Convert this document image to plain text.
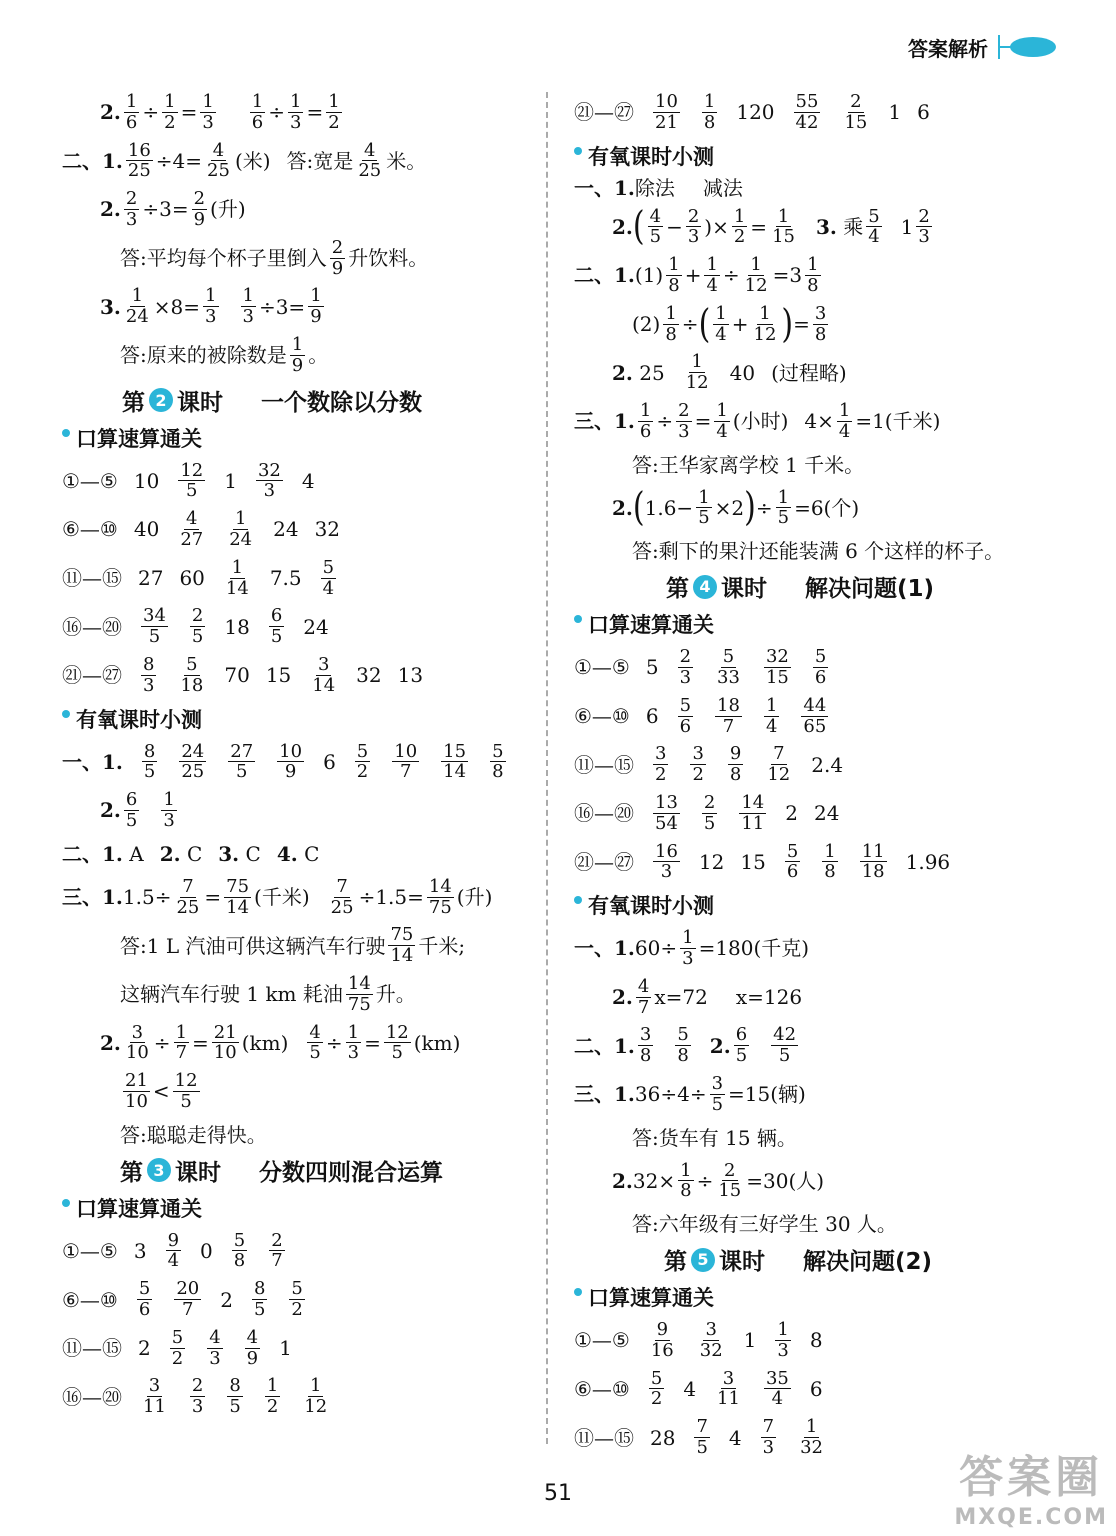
答案解析
2. $\frac{1}{6} \div \frac{1}{2} = \frac{1}{3} \frac{1}{6} \div \frac{1}{3} = \frac{1}{2}$
二、1. $\frac{16}{25} \div 4= \frac{4}{25}$ (米) 答:宽是 $\frac{4}{25}$ 米。
2. $\frac{2}{3} \div 3= \frac{2}{9}$ (升)
答:平均每个杯子里倒入 $\frac{2}{9}$ 升饮料。
3. $\frac{1}{24} \times 8= \frac{1}{3} \frac{1}{3} \div 3= \frac{1}{9}$
答:原来的被除数是 $\frac{1}{9}$ 。
第 2 课时 一个数除以分数
口算速算通关
①—⑤ $10 \frac{12}{5} 1 \frac{32}{3} 4$
⑥—⑩ $40 \frac{4}{27} \frac{1}{24} 24$ 32
⑪—⑮ 27 $60 \frac{1}{14} 7.5 \frac{5}{4}$
⑯—⑳ $\frac{34}{5} \frac{2}{5} 18 \frac{6}{5} 24$
㉑—㉗ $\frac{8}{3} \frac{5}{18} 70$ $15 \frac{3}{14} 32$ 13
有氧课时小测
一、1. $\frac{8}{5} \frac{24}{25} \frac{27}{5} \frac{10}{9} 6 \frac{5}{2} \frac{10}{7} \frac{15}{14} \frac{5}{8}$
2. $\frac{6}{5} \frac{1}{3}$
二、1.
A 2.
C 3.
C 4.
C
三、1. $1.5\div \frac{7}{25} = \frac{75}{14}$ (千米) $\frac{7}{25} \div 1.5= \frac{14}{75}$ (升)
答:1 L 汽油可供这辆汽车行驶 $\frac{75}{14}$ 千米;
这辆汽车行驶 1 km 耗油 $\frac{14}{75}$ 升。
2. $\frac{3}{10} \div \frac{1}{7} = \frac{21}{10} (km) \frac{4}{5} \div \frac{1}{3} = \frac{12}{5} (km)$
$\frac{21}{10} < \frac{12}{5}$
答:聪聪走得快。
第 3 课时 分数四则混合运算
口算速算通关
①—⑤ $3 \frac{9}{4} 0 \frac{5}{8} \frac{2}{7}$
⑥—⑩ $\frac{5}{6} \frac{20}{7} 2 \frac{8}{5} \frac{5}{2}$
⑪—⑮ $2 \frac{5}{2} \frac{4}{3} \frac{4}{9} 1$
⑯—⑳ $\frac{3}{11} \frac{2}{3} \frac{8}{5} \frac{1}{2} \frac{1}{12}$
㉑—㉗ $\frac{10}{21} \frac{1}{8} 120 \frac{55}{42} \frac{2}{15} 1$ 6
有氧课时小测
一、1. 除法 减法
2. ( $\frac{4}{5} - \frac{2}{3}$ )× $\frac{1}{2} = \frac{1}{15} 3$.
乘 $\frac{5}{4} 1 \frac{2}{3}$
二、1. $(1) \frac{1}{8} + \frac{1}{4} \div \frac{1}{12} =3 \frac{1}{8}$
$(2) \frac{1}{8}$ ÷ ( $\frac{1}{4} + \frac{1}{12}$ ) = $\frac{3}{8}$
2.
$25 \frac{1}{12} 40$ (过程略)
三、1. $\frac{1}{6} \div \frac{2}{3} = \frac{1}{4}$ (小时) $4\times \frac{1}{4} =1$(千米)
答:王华家离学校 1 千米。
2. ( $1.6- \frac{1}{5} \times 2$ ) ÷ $\frac{1}{5} =6$(个)
答:剩下的果汁还能装满 6 个这样的杯子。
第 4 课时 解决问题(1)
口算速算通关
①—⑤ $5 \frac{2}{3} \frac{5}{33} \frac{32}{15} \frac{5}{6}$
⑥—⑩ $6 \frac{5}{6} \frac{18}{7} \frac{1}{4} \frac{44}{65}$
⑪—⑮ $\frac{3}{2} \frac{3}{2} \frac{9}{8} \frac{7}{12} 2.4$
⑯—⑳ $\frac{13}{54} \frac{2}{5} \frac{14}{11} 2$ 24
㉑—㉗ $\frac{16}{3} 12$ $15 \frac{5}{6} \frac{1}{8} \frac{11}{18} 1.96$
有氧课时小测
一、1. $60\div \frac{1}{3} =180$(千克)
2. $\frac{4}{7} x=72$ x=126
二、1. $\frac{3}{8} \frac{5}{8} 2$. $\frac{6}{5} \frac{42}{5}$
三、1. $36\div 4\div \frac{3}{5} =15$(辆)
答:货车有 15 辆。
2. $32\times \frac{1}{8} \div \frac{2}{15} =30$(人)
答:六年级有三好学生 30 人。
第 5 课时 解决问题(2)
口算速算通关
①—⑤ $\frac{9}{16} \frac{3}{32} 1 \frac{1}{3} 8$
⑥—⑩ $\frac{5}{2} 4 \frac{3}{11} \frac{35}{4} 6$
⑪—⑮ $28 \frac{7}{5} 4 \frac{7}{3} \frac{1}{32}$
51	答案圈
MXQE.COM
